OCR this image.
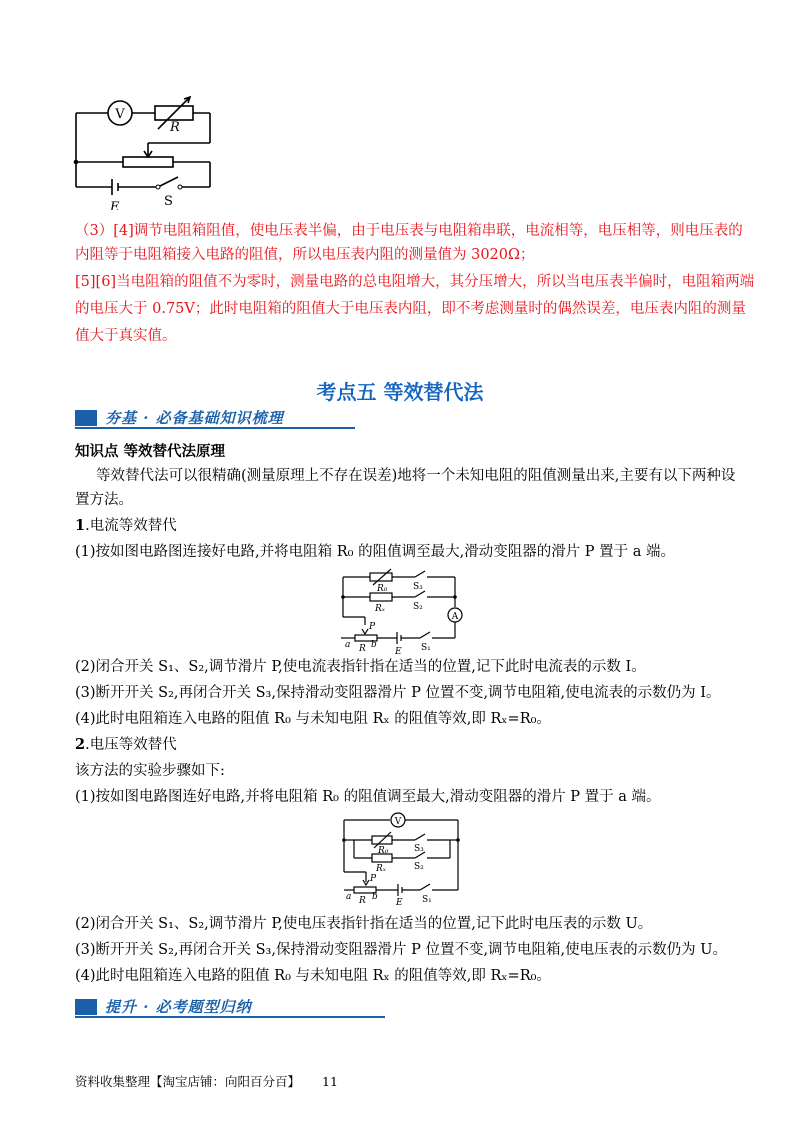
V
R
S
E
（3）[4]调节电阻箱阻值，使电压表半偏，由于电压表与电阻箱串联，电流相等，电压相等，则电压表的
内阻等于电阻箱接入电路的阻值，所以电压表内阻的测量值为 3020Ω；
[5][6]当电阻箱的阻值不为零时，测量电路的总电阻增大，其分压增大，所以当电压表半偏时，电阻箱两端
的电压大于 0.75V；此时电阻箱的阻值大于电压表内阻，即不考虑测量时的偶然误差，电压表内阻的测量
值大于真实值。
考点五 等效替代法
夯基 · 必备基础知识梳理
知识点 等效替代法原理
等效替代法可以很精确(测量原理上不存在误差)地将一个未知电阻的阻值测量出来,主要有以下两种设
置方法。
1.电流等效替代
(1)按如图电路图连接好电路,并将电阻箱 R₀ 的阻值调至最大,滑动变阻器的滑片 P 置于 a 端。
R₀
Rₓ
S₃
S₂
A
P
a R b
E S₁
(2)闭合开关 S₁、S₂,调节滑片 P,使电流表指针指在适当的位置,记下此时电流表的示数 I。
(3)断开开关 S₂,再闭合开关 S₃,保持滑动变阻器滑片 P 位置不变,调节电阻箱,使电流表的示数仍为 I。
(4)此时电阻箱连入电路的阻值 R₀ 与未知电阻 Rₓ 的阻值等效,即 Rₓ=R₀。
2.电压等效替代
该方法的实验步骤如下:
(1)按如图电路图连好电路,并将电阻箱 R₀ 的阻值调至最大,滑动变阻器的滑片 P 置于 a 端。
V
R₀
Rₓ
S₃
S₂
P
a R b
E S₁
(2)闭合开关 S₁、S₂,调节滑片 P,使电压表指针指在适当的位置,记下此时电压表的示数 U。
(3)断开开关 S₂,再闭合开关 S₃,保持滑动变阻器滑片 P 位置不变,调节电阻箱,使电压表的示数仍为 U。
(4)此时电阻箱连入电路的阻值 R₀ 与未知电阻 Rₓ 的阻值等效,即 Rₓ=R₀。
提升 · 必考题型归纳
资料收集整理【淘宝店铺：向阳百分百】 11
